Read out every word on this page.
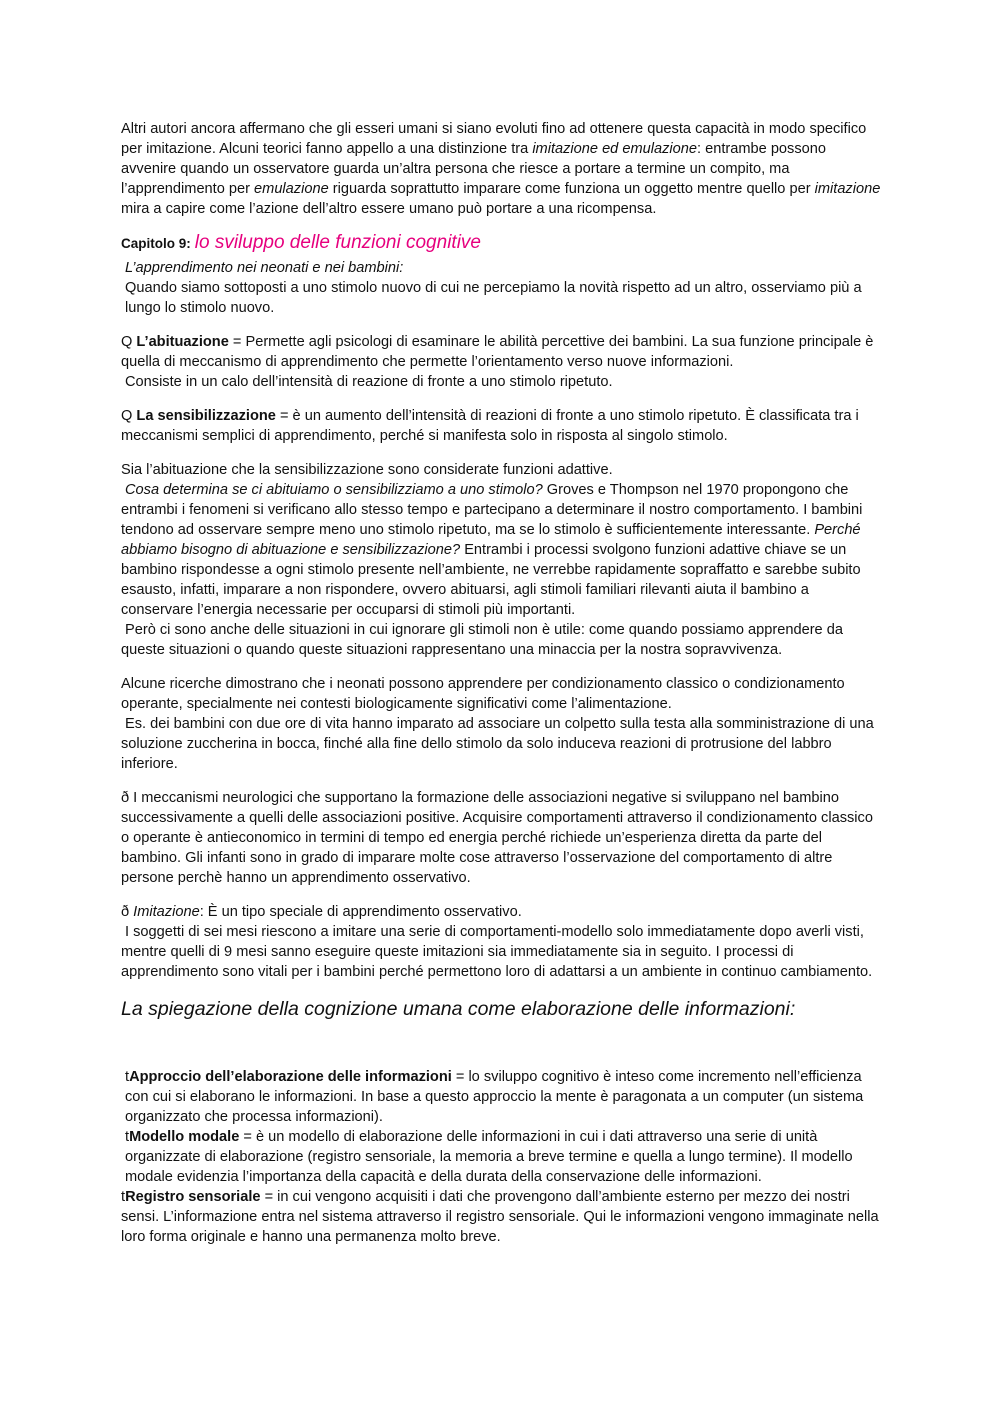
Altri autori ancora affermano che gli esseri umani si siano evoluti fino ad ottenere questa capacità in modo specifico per imitazione. Alcuni teorici fanno appello a una distinzione tra imitazione ed emulazione: entrambe possono avvenire quando un osservatore guarda un’altra persona che riesce a portare a termine un compito, ma l’apprendimento per emulazione riguarda soprattutto imparare come funziona un oggetto mentre quello per imitazione mira a capire come l’azione dell’altro essere umano può portare a una ricompensa.

Capitolo 9: lo sviluppo delle funzioni cognitive

L’apprendimento nei neonati e nei bambini:

Quando siamo sottoposti a uno stimolo nuovo di cui ne percepiamo la novità rispetto ad un altro, osserviamo più a lungo lo stimolo nuovo.

Q L’abituazione = Permette agli psicologi di esaminare le abilità percettive dei bambini. La sua funzione principale è quella di meccanismo di apprendimento che permette l’orientamento verso nuove informazioni.
Consiste in un calo dell’intensità di reazione di fronte a uno stimolo ripetuto.

Q La sensibilizzazione = è un aumento dell’intensità di reazioni di fronte a uno stimolo ripetuto. È classificata tra i meccanismi semplici di apprendimento, perché si manifesta solo in risposta al singolo stimolo.

Sia l’abituazione che la sensibilizzazione sono considerate funzioni adattive.
Cosa determina se ci abituiamo o sensibilizziamo a uno stimolo? Groves e Thompson nel 1970 propongono che entrambi i fenomeni si verificano allo stesso tempo e partecipano a determinare il nostro comportamento. I bambini tendono ad osservare sempre meno uno stimolo ripetuto, ma se lo stimolo è sufficientemente interessante. Perché abbiamo bisogno di abituazione e sensibilizzazione? Entrambi i processi svolgono funzioni adattive chiave se un bambino rispondesse a ogni stimolo presente nell’ambiente, ne verrebbe rapidamente sopraffatto e sarebbe subito esausto, infatti, imparare a non rispondere, ovvero abituarsi, agli stimoli familiari rilevanti aiuta il bambino a conservare l’energia necessarie per occuparsi di stimoli più importanti.
Però ci sono anche delle situazioni in cui ignorare gli stimoli non è utile: come quando possiamo apprendere da queste situazioni o quando queste situazioni rappresentano una minaccia per la nostra sopravvivenza.

Alcune ricerche dimostrano che i neonati possono apprendere per condizionamento classico o condizionamento operante, specialmente nei contesti biologicamente significativi come l’alimentazione.
Es. dei bambini con due ore di vita hanno imparato ad associare un colpetto sulla testa alla somministrazione di una soluzione zuccherina in bocca, finché alla fine dello stimolo da solo induceva reazioni di protrusione del labbro inferiore.

ð I meccanismi neurologici che supportano la formazione delle associazioni negative si sviluppano nel bambino successivamente a quelli delle associazioni positive. Acquisire comportamenti attraverso il condizionamento classico o operante è antieconomico in termini di tempo ed energia perché richiede un’esperienza diretta da parte del bambino. Gli infanti sono in grado di imparare molte cose attraverso l’osservazione del comportamento di altre persone perchè hanno un apprendimento osservativo.

ð Imitazione: È un tipo speciale di apprendimento osservativo.
I soggetti di sei mesi riescono a imitare una serie di comportamenti-modello solo immediatamente dopo averli visti, mentre quelli di 9 mesi sanno eseguire queste imitazioni sia immediatamente sia in seguito. I processi di apprendimento sono vitali per i bambini perché permettono loro di adattarsi a un ambiente in continuo cambiamento.

La spiegazione della cognizione umana come elaborazione delle informazioni:

tApproccio dell’elaborazione delle informazioni = lo sviluppo cognitivo è inteso come incremento nell’efficienza con cui si elaborano le informazioni. In base a questo approccio la mente è paragonata a un computer (un sistema organizzato che processa informazioni).

tModello modale = è un modello di elaborazione delle informazioni in cui i dati attraverso una serie di unità organizzate di elaborazione (registro sensoriale, la memoria a breve termine e quella a lungo termine). Il modello modale evidenzia l’importanza della capacità e della durata della conservazione delle informazioni.

tRegistro sensoriale = in cui vengono acquisiti i dati che provengono dall’ambiente esterno per mezzo dei nostri sensi. L’informazione entra nel sistema attraverso il registro sensoriale. Qui le informazioni vengono immaginate nella loro forma originale e hanno una permanenza molto breve.
